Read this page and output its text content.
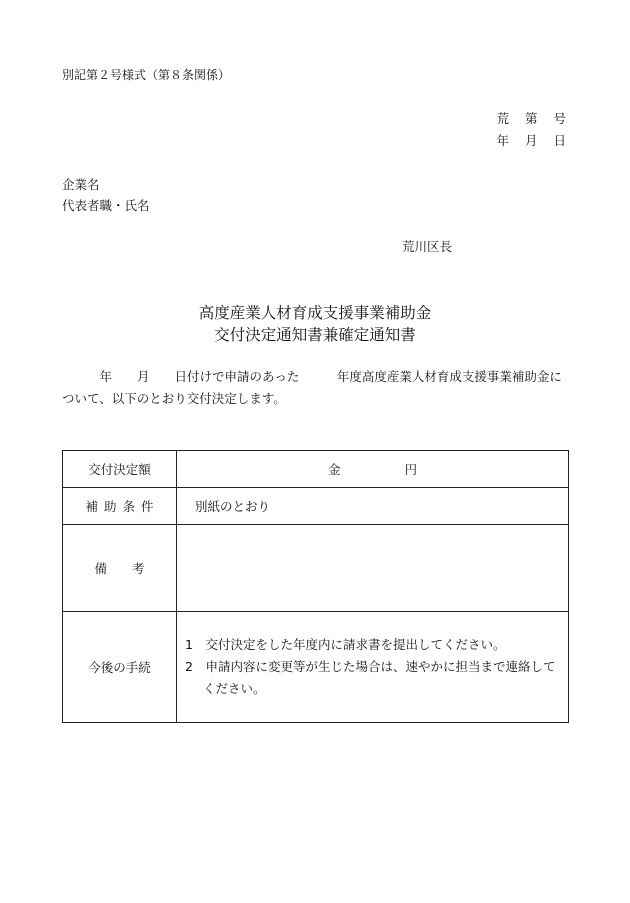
別記第２号様式（第８条関係）
荒 第 号
年 月 日
企業名
代表者職・氏名
荒川区長
高度産業人材育成支援事業補助金
交付決定通知書兼確定通知書
　　　年　　月　　日付けで申請のあった　　　年度高度産業人材育成支援事業補助金について、以下のとおり交付決定します。
交付決定額	金 円
補 助 条 件	別紙のとおり
備　　考	
今後の手続	1　交付決定をした年度内に請求書を提出してください。
2　申請内容に変更等が生じた場合は、速やかに担当まで連絡してください。
